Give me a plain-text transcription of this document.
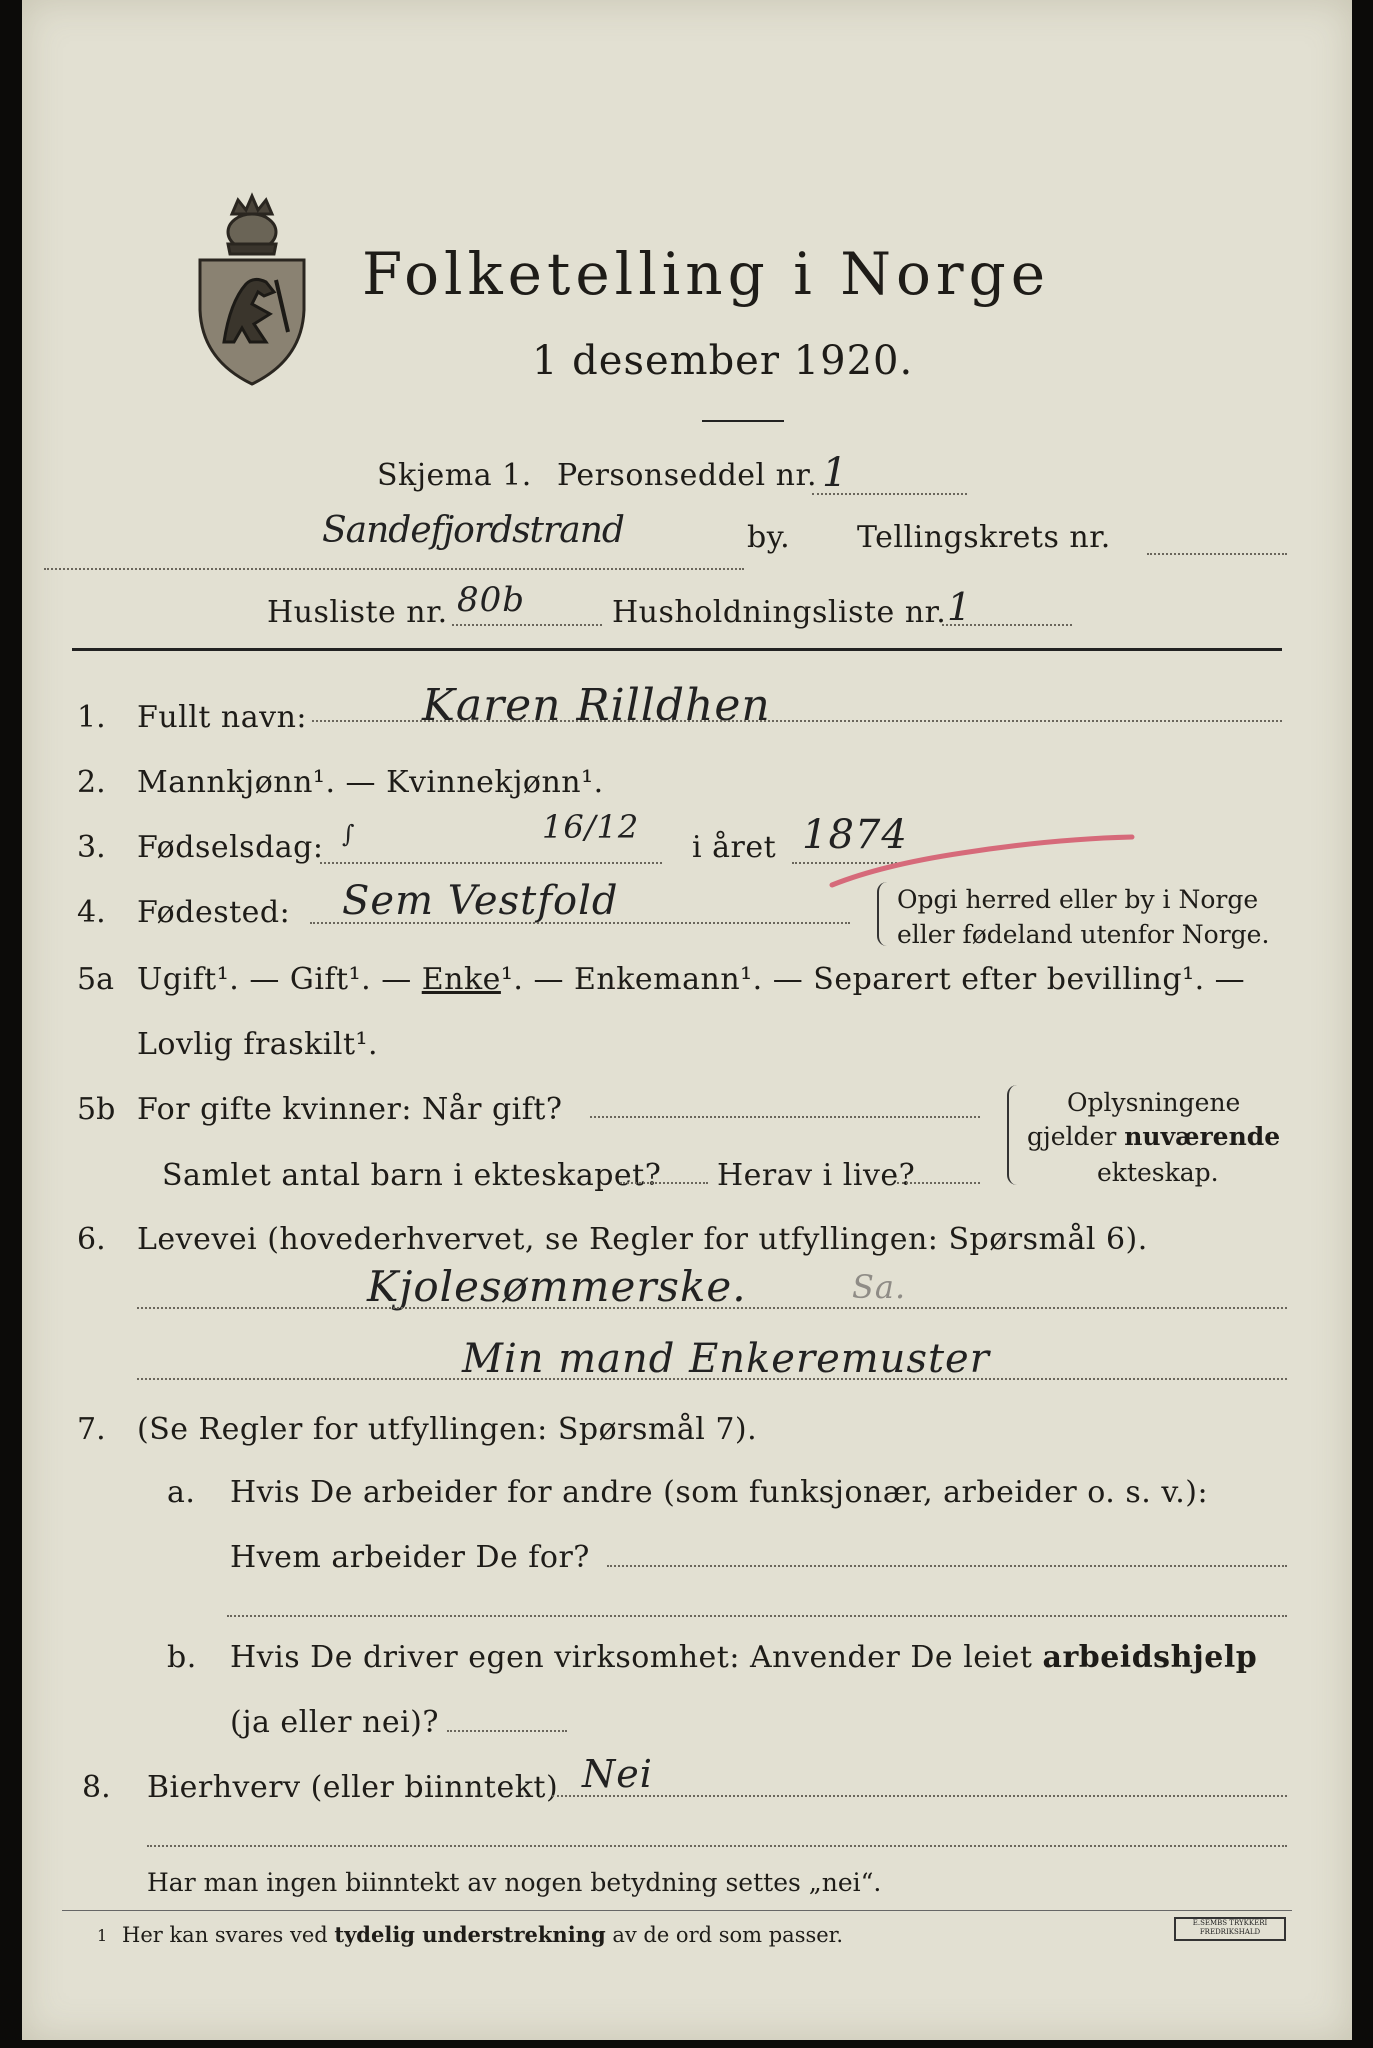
Folketelling i Norge
1 desember 1920.
Skjema 1. Personseddel nr. 1
Sandefjordstrand	by. Tellingskrets nr.
Husliste nr. 80b	Husholdningsliste nr. 1
1. Fullt navn:	Karen Rilldhen
2. Mannkjønn¹. — Kvinnekjønn¹.
3. Fødselsdag: ∫	16/12
i året 1874
4. Fødested: Sem Vestfold	Opgi herred eller by i Norge
eller fødeland utenfor Norge.
5a Ugift¹. — Gift¹. — Enke¹. — Enkemann¹. — Separert efter bevilling¹. —
Lovlig fraskilt¹.
5b For gifte kvinner: Når gift?
Samlet antal barn i ekteskapet? Herav i live?
Oplysningene
gjelder nuværende
ekteskap.
6. Levevei (hovederhvervet, se Regler for utfyllingen: Spørsmål 6).
Kjolesømmerske.	Sa.
Min mand Enkeremuster
7. (Se Regler for utfyllingen: Spørsmål 7).
a. Hvis De arbeider for andre (som funksjonær, arbeider o. s. v.):
Hvem arbeider De for?
b. Hvis De driver egen virksomhet: Anvender De leiet arbeidshjelp
(ja eller nei)?
8. Bierhverv (eller biinntekt) Nei
Har man ingen biinntekt av nogen betydning settes „nei“.
1 Her kan svares ved tydelig understrekning av de ord som passer.	E.SEMBS TRYKKERI FREDRIKSHALD
